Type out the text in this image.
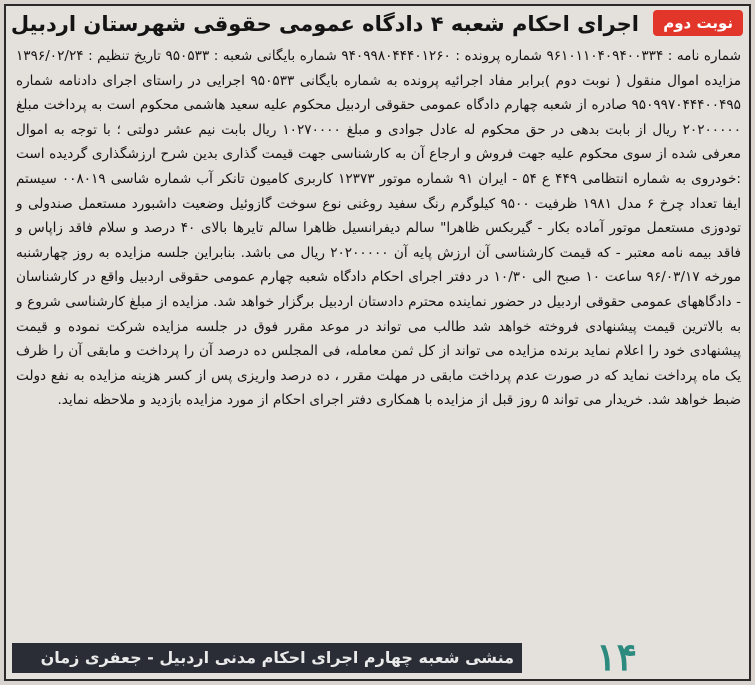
نوبت دوم
اجرای احکام شعبه ۴ دادگاه عمومی حقوقی شهرستان اردبیل

شماره نامه : ۹۶۱۰۱۱۰۴۰۹۴۰۰۳۳۴ شماره پرونده : ۹۴۰۹۹۸۰۴۴۴۰۱۲۶۰ شماره بایگانی شعبه : ۹۵۰۵۳۳ تاریخ تنظیم : ۱۳۹۶/۰۲/۲۴ مزایده اموال منقول ( نوبت دوم )برابر مفاد اجرائیه پرونده به شماره بایگانی ۹۵۰۵۳۳ اجرایی در راستای اجرای دادنامه شماره ۹۵۰۹۹۷۰۴۴۴۰۰۴۹۵ صادره از شعبه چهارم دادگاه عمومی حقوقی اردبیل محکوم علیه سعید هاشمی محکوم است به پرداخت مبلغ ۲۰۲۰۰۰۰۰ ریال از بابت بدهی در حق محکوم له عادل جوادی و مبلغ ۱۰۲۷۰۰۰۰ ریال بابت نیم عشر دولتی ؛ با توجه به اموال معرفی شده از سوی محکوم علیه جهت فروش و ارجاع آن به کارشناسی جهت قیمت گذاری بدین شرح ارزشگذاری گردیده است :خودروی به شماره انتظامی ۴۴۹ ع ۵۴ - ایران ۹۱ شماره موتور ۱۲۳۷۳ کاربری کامیون تانکر آب شماره شاسی ۰۰۸۰۱۹ سیستم ایفا تعداد چرخ ۶ مدل ۱۹۸۱ ظرفیت ۹۵۰۰ کیلوگرم رنگ سفید روغنی نوع سوخت گازوئیل وضعیت داشبورد مستعمل صندولی و تودوزی مستعمل موتور آماده بکار - گیربکس ظاهرا" سالم دیفرانسیل ظاهرا سالم تایرها بالای ۴۰ درصد و سلام فاقد زاپاس و فاقد بیمه نامه معتبر - که قیمت کارشناسی آن ارزش پایه آن ۲۰۲۰۰۰۰۰ ریال می باشد. بنابراین جلسه مزایده به روز چهارشنبه مورخه ۹۶/۰۳/۱۷ ساعت ۱۰ صبح الی ۱۰/۳۰ در دفتر اجرای احکام دادگاه شعبه چهارم عمومی حقوقی اردبیل واقع در کارشناسان - دادگاههای عمومی حقوقی اردبیل در حضور نماینده محترم دادستان اردبیل برگزار خواهد شد. مزایده از مبلغ کارشناسی شروع و به بالاترین قیمت پیشنهادی فروخته خواهد شد طالب می تواند در موعد مقرر فوق در جلسه مزایده شرکت نموده و قیمت پیشنهادی خود را اعلام نماید برنده مزایده می تواند از کل ثمن معامله، فی المجلس ده درصد آن را پرداخت و مابقی آن را ظرف یک ماه پرداخت نماید که در صورت عدم پرداخت مابقی در مهلت مقرر ، ده درصد واریزی پس از کسر هزینه مزایده به نفع دولت ضبط خواهد شد. خریدار می تواند ۵ روز قبل از مزایده با همکاری دفتر اجرای احکام از مورد مزایده بازدید و ملاحظه نماید.

منشی شعبه چهارم اجرای احکام مدنی اردبیل - جعفری زمان ۱۴
